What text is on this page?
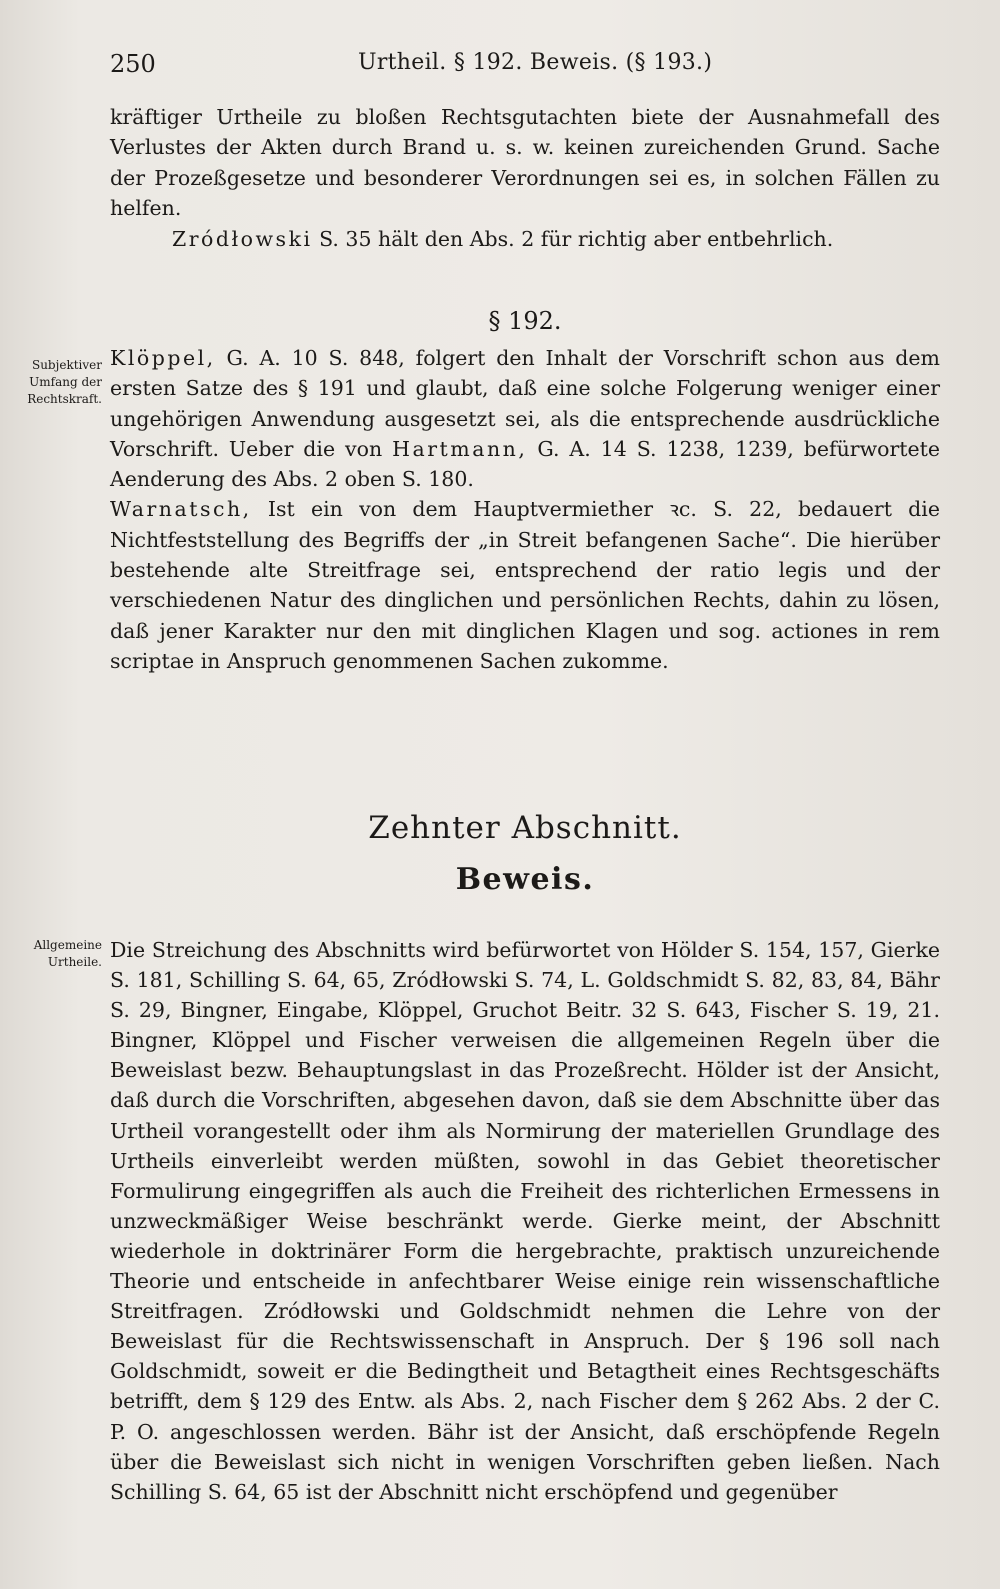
250	Urtheil. § 192. Beweis. (§ 193.)

kräftiger Urtheile zu bloßen Rechtsgutachten biete der Ausnahmefall des Verlustes der Akten durch Brand u. s. w. keinen zureichenden Grund. Sache der Prozeßgesetze und besonderer Verordnungen sei es, in solchen Fällen zu helfen.

Zródłowski S. 35 hält den Abs. 2 für richtig aber entbehrlich.

§ 192.
Subjektiver Umfang der Rechtskraft.

Klöppel, G. A. 10 S. 848, folgert den Inhalt der Vorschrift schon aus dem ersten Satze des § 191 und glaubt, daß eine solche Folgerung weniger einer ungehörigen Anwendung ausgesetzt sei, als die entsprechende ausdrückliche Vorschrift. Ueber die von Hartmann, G. A. 14 S. 1238, 1239, befürwortete Aenderung des Abs. 2 oben S. 180.

Warnatsch, Ist ein von dem Hauptvermiether ꝛc. S. 22, bedauert die Nichtfeststellung des Begriffs der „in Streit befangenen Sache“. Die hierüber bestehende alte Streitfrage sei, entsprechend der ratio legis und der verschiedenen Natur des dinglichen und persönlichen Rechts, dahin zu lösen, daß jener Karakter nur den mit dinglichen Klagen und sog. actiones in rem scriptae in Anspruch genommenen Sachen zukomme.

Zehnter Abschnitt.
Beweis.
Allgemeine Urtheile. Die Streichung des Abschnitts wird befürwortet von Hölder S. 154, 157, Gierke S. 181, Schilling S. 64, 65, Zródłowski S. 74, L. Goldschmidt S. 82, 83, 84, Bähr S. 29, Bingner, Eingabe, Klöppel, Gruchot Beitr. 32 S. 643, Fischer S. 19, 21. Bingner, Klöppel und Fischer verweisen die allgemeinen Regeln über die Beweislast bezw. Behauptungslast in das Prozeßrecht. Hölder ist der Ansicht, daß durch die Vorschriften, abgesehen davon, daß sie dem Abschnitte über das Urtheil vorangestellt oder ihm als Normirung der materiellen Grundlage des Urtheils einverleibt werden müßten, sowohl in das Gebiet theoretischer Formulirung eingegriffen als auch die Freiheit des richterlichen Ermessens in unzweckmäßiger Weise beschränkt werde. Gierke meint, der Abschnitt wiederhole in doktrinärer Form die hergebrachte, praktisch unzureichende Theorie und entscheide in anfechtbarer Weise einige rein wissenschaftliche Streitfragen. Zródłowski und Goldschmidt nehmen die Lehre von der Beweislast für die Rechtswissenschaft in Anspruch. Der § 196 soll nach Goldschmidt, soweit er die Bedingtheit und Betagtheit eines Rechtsgeschäfts betrifft, dem § 129 des Entw. als Abs. 2, nach Fischer dem § 262 Abs. 2 der C. P. O. angeschlossen werden. Bähr ist der Ansicht, daß erschöpfende Regeln über die Beweislast sich nicht in wenigen Vorschriften geben ließen. Nach Schilling S. 64, 65 ist der Abschnitt nicht erschöpfend und gegenüber
